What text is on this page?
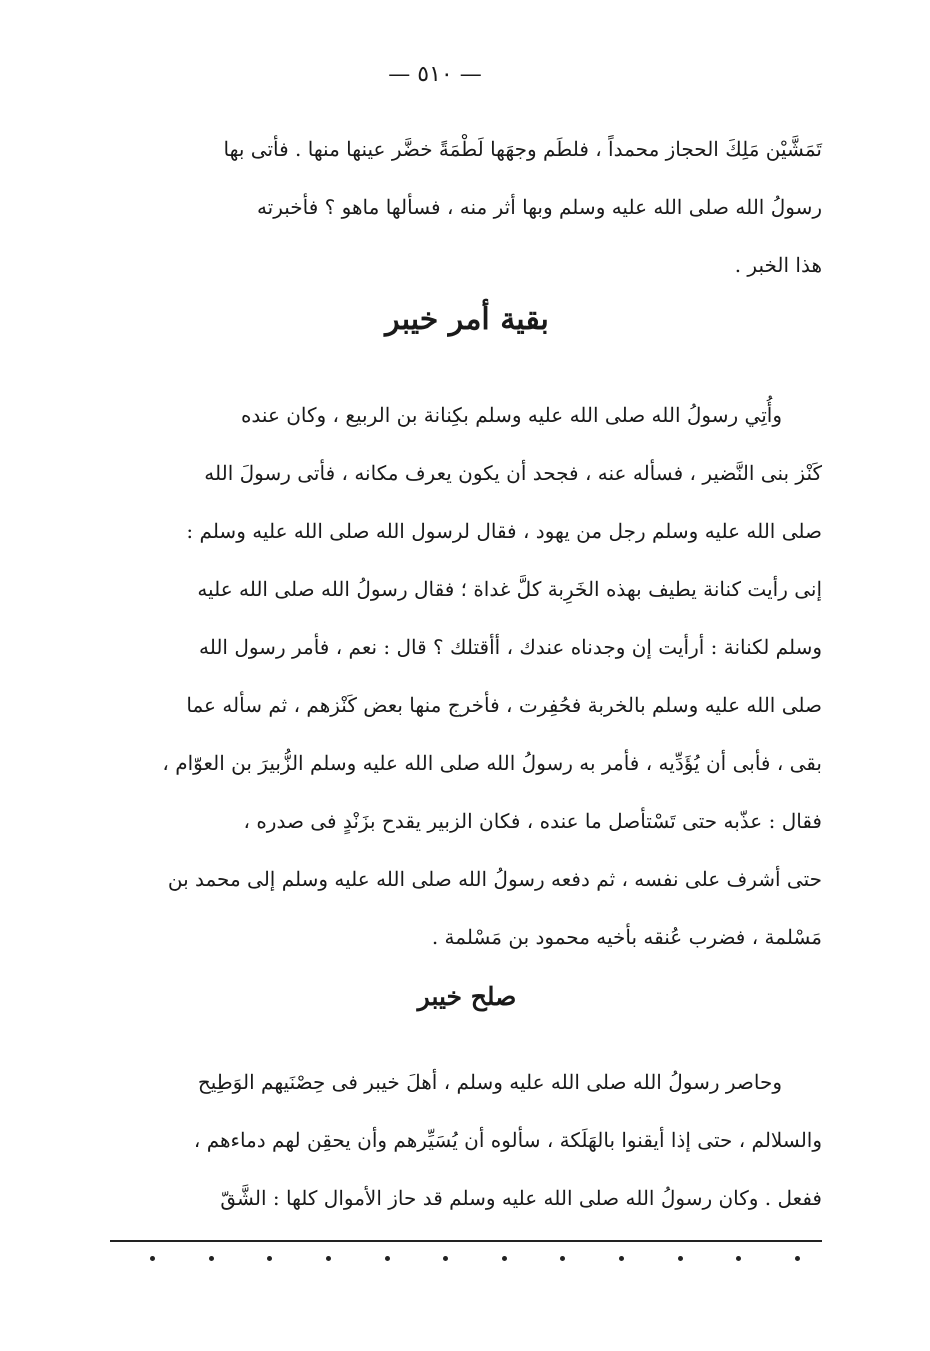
— ٥١٠ —

تَمَشَّيْن مَلِكَ الحجاز محمداً ، فلطَم وجهَها لَطْمَةً خضَّر عينها منها . فأتى بها

رسولُ الله صلى الله عليه وسلم وبها أثر منه ، فسألها ماهو ؟ فأخبرته

هذا الخبر .

بقية أمر خيبر

وأُتِي رسولُ الله صلى الله عليه وسلم بكِنانة بن الربيع ، وكان عنده

كَنْز بنى النَّضير ، فسأله عنه ، فجحد أن يكون يعرف مكانه ، فأتى رسولَ الله

صلى الله عليه وسلم رجل من يهود ، فقال لرسول الله صلى الله عليه وسلم :

إنى رأيت كنانة يطيف بهذه الخَرِبة كلَّ غداة ؛ فقال رسولُ الله صلى الله عليه

وسلم لكنانة : أرأيت إن وجدناه عندك ، أأقتلك ؟ قال : نعم ، فأمر رسول الله

صلى الله عليه وسلم بالخربة فحُفِرت ، فأخرج منها بعض كَنْزهم ، ثم سأله عما

بقى ، فأبى أن يُؤَدِّيه ، فأمر به رسولُ الله صلى الله عليه وسلم الزُّبيرَ بن العوّام ،

فقال : عذّبه حتى تَسْتأصل ما عنده ، فكان الزبير يقدح بزَنْدٍ فى صدره ،

حتى أشرف على نفسه ، ثم دفعه رسولُ الله صلى الله عليه وسلم إلى محمد بن

مَسْلمة ، فضرب عُنقه بأخيه محمود بن مَسْلمة .

صلح خيبر

وحاصر رسولُ الله صلى الله عليه وسلم ، أهلَ خيبر فى حِصْنَيهم الوَطِيح

والسلالم ، حتى إذا أيقنوا بالهَلَكة ، سألوه أن يُسَيِّرهم وأن يحقِن لهم دماءهم ،

ففعل . وكان رسولُ الله صلى الله عليه وسلم قد حاز الأموال كلها : الشَّقّ
